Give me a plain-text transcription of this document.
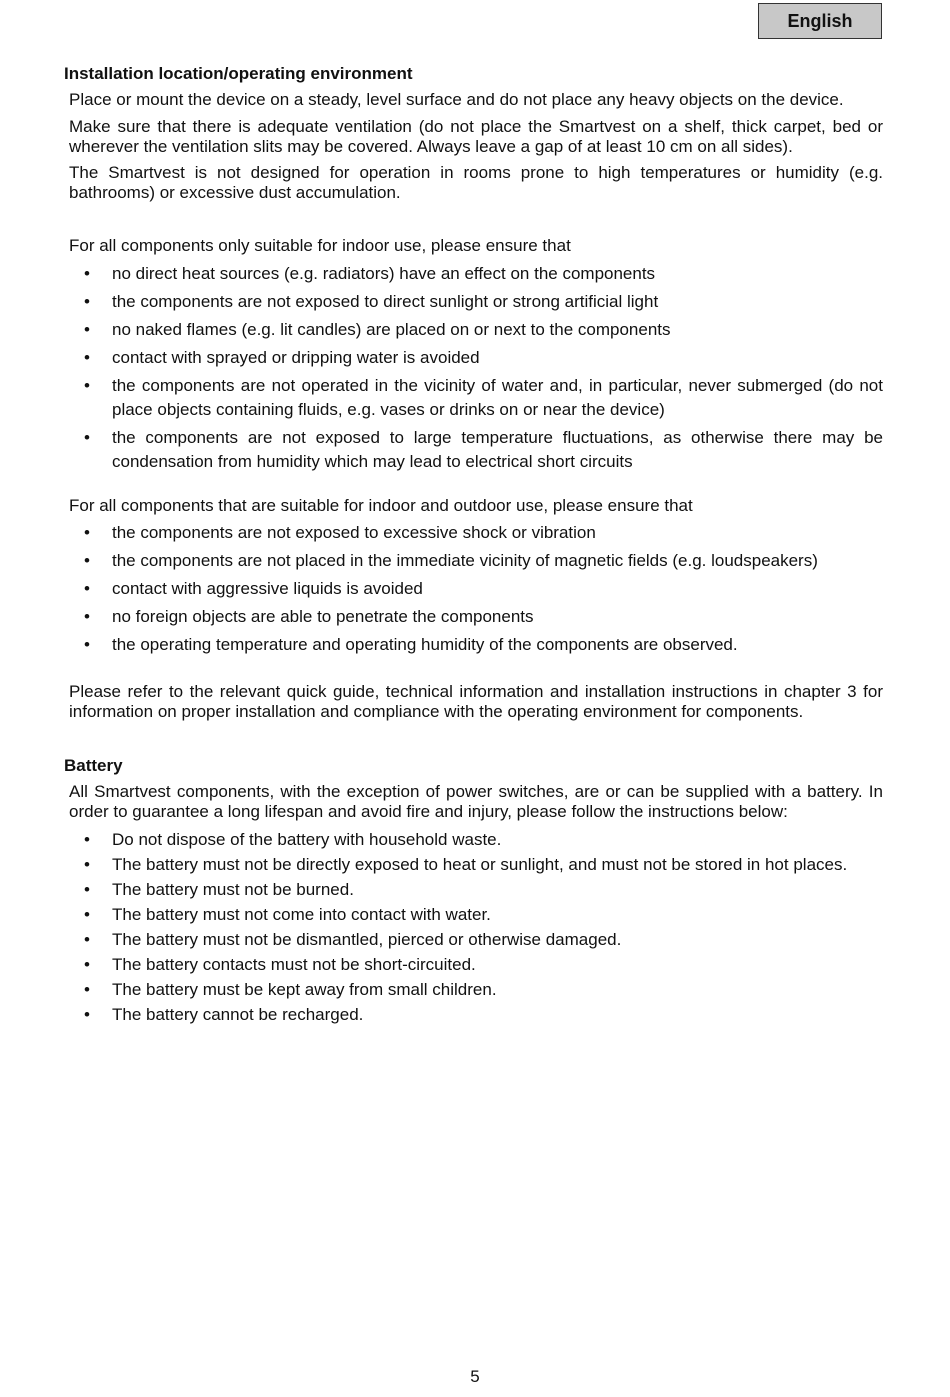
English
Installation location/operating environment

Place or mount the device on a steady, level surface and do not place any heavy objects on the device.

Make sure that there is adequate ventilation (do not place the Smartvest on a shelf, thick carpet, bed or wherever the ventilation slits may be covered. Always leave a gap of at least 10 cm on all sides).

The Smartvest is not designed for operation in rooms prone to high temperatures or humidity (e.g. bathrooms) or excessive dust accumulation.

For all components only suitable for indoor use, please ensure that

• no direct heat sources (e.g. radiators) have an effect on the components
• the components are not exposed to direct sunlight or strong artificial light
• no naked flames (e.g. lit candles) are placed on or next to the components
• contact with sprayed or dripping water is avoided
• the components are not operated in the vicinity of water and, in particular, never submerged (do not place objects containing fluids, e.g. vases or drinks on or near the device)
• the components are not exposed to large temperature fluctuations, as otherwise there may be condensation from humidity which may lead to electrical short circuits

For all components that are suitable for indoor and outdoor use, please ensure that

• the components are not exposed to excessive shock or vibration
• the components are not placed in the immediate vicinity of magnetic fields (e.g. loudspeakers)
• contact with aggressive liquids is avoided
• no foreign objects are able to penetrate the components
• the operating temperature and operating humidity of the components are observed.

Please refer to the relevant quick guide, technical information and installation instructions in chapter 3 for information on proper installation and compliance with the operating environment for components.

Battery

All Smartvest components, with the exception of power switches, are or can be supplied with a battery. In order to guarantee a long lifespan and avoid fire and injury, please follow the instructions below:

• Do not dispose of the battery with household waste.
• The battery must not be directly exposed to heat or sunlight, and must not be stored in hot places.
• The battery must not be burned.
• The battery must not come into contact with water.
• The battery must not be dismantled, pierced or otherwise damaged.
• The battery contacts must not be short-circuited.
• The battery must be kept away from small children.
• The battery cannot be recharged.
5
